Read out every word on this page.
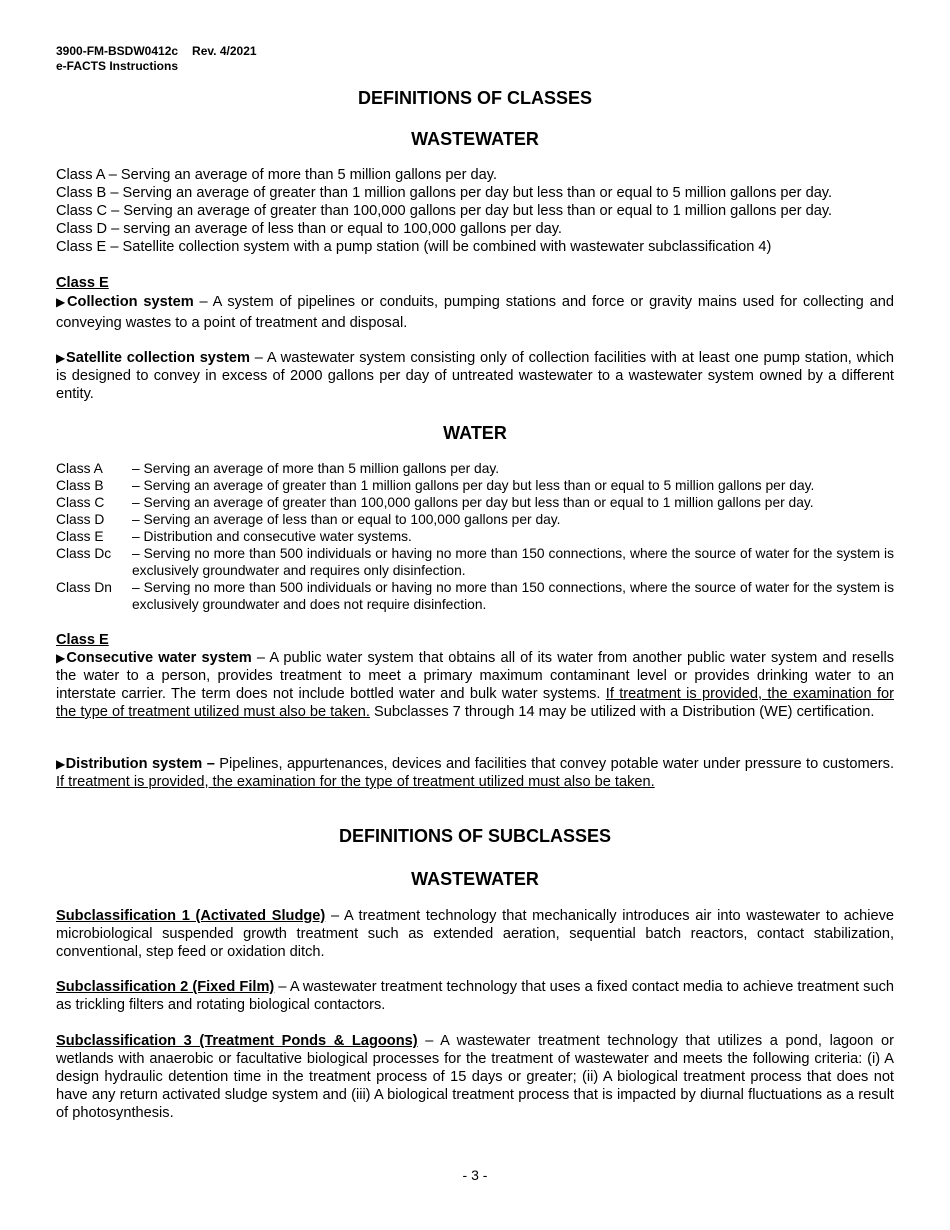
3900-FM-BSDW0412c Rev. 4/2021
e-FACTS Instructions
DEFINITIONS OF CLASSES
WASTEWATER
Class A – Serving an average of more than 5 million gallons per day.
Class B – Serving an average of greater than 1 million gallons per day but less than or equal to 5 million gallons per day.
Class C – Serving an average of greater than 100,000 gallons per day but less than or equal to 1 million gallons per day.
Class D – serving an average of less than or equal to 100,000 gallons per day.
Class E – Satellite collection system with a pump station (will be combined with wastewater subclassification 4)
Class E
▶Collection system – A system of pipelines or conduits, pumping stations and force or gravity mains used for collecting and conveying wastes to a point of treatment and disposal.
▶Satellite collection system – A wastewater system consisting only of collection facilities with at least one pump station, which is designed to convey in excess of 2000 gallons per day of untreated wastewater to a wastewater system owned by a different entity.
WATER
Class A	– Serving an average of more than 5 million gallons per day.
Class B	– Serving an average of greater than 1 million gallons per day but less than or equal to 5 million gallons per day.
Class C	– Serving an average of greater than 100,000 gallons per day but less than or equal to 1 million gallons per day.
Class D	– Serving an average of less than or equal to 100,000 gallons per day.
Class E	– Distribution and consecutive water systems.
Class Dc	– Serving no more than 500 individuals or having no more than 150 connections, where the source of water for the system is exclusively groundwater and requires only disinfection.
Class Dn	– Serving no more than 500 individuals or having no more than 150 connections, where the source of water for the system is exclusively groundwater and does not require disinfection.
Class E
▶Consecutive water system – A public water system that obtains all of its water from another public water system and resells the water to a person, provides treatment to meet a primary maximum contaminant level or provides drinking water to an interstate carrier. The term does not include bottled water and bulk water systems. If treatment is provided, the examination for the type of treatment utilized must also be taken. Subclasses 7 through 14 may be utilized with a Distribution (WE) certification.
▶Distribution system – Pipelines, appurtenances, devices and facilities that convey potable water under pressure to customers. If treatment is provided, the examination for the type of treatment utilized must also be taken.
DEFINITIONS OF SUBCLASSES
WASTEWATER
Subclassification 1 (Activated Sludge) – A treatment technology that mechanically introduces air into wastewater to achieve microbiological suspended growth treatment such as extended aeration, sequential batch reactors, contact stabilization, conventional, step feed or oxidation ditch.
Subclassification 2 (Fixed Film) – A wastewater treatment technology that uses a fixed contact media to achieve treatment such as trickling filters and rotating biological contactors.
Subclassification 3 (Treatment Ponds & Lagoons) – A wastewater treatment technology that utilizes a pond, lagoon or wetlands with anaerobic or facultative biological processes for the treatment of wastewater and meets the following criteria: (i) A design hydraulic detention time in the treatment process of 15 days or greater; (ii) A biological treatment process that does not have any return activated sludge system and (iii) A biological treatment process that is impacted by diurnal fluctuations as a result of photosynthesis.
- 3 -
